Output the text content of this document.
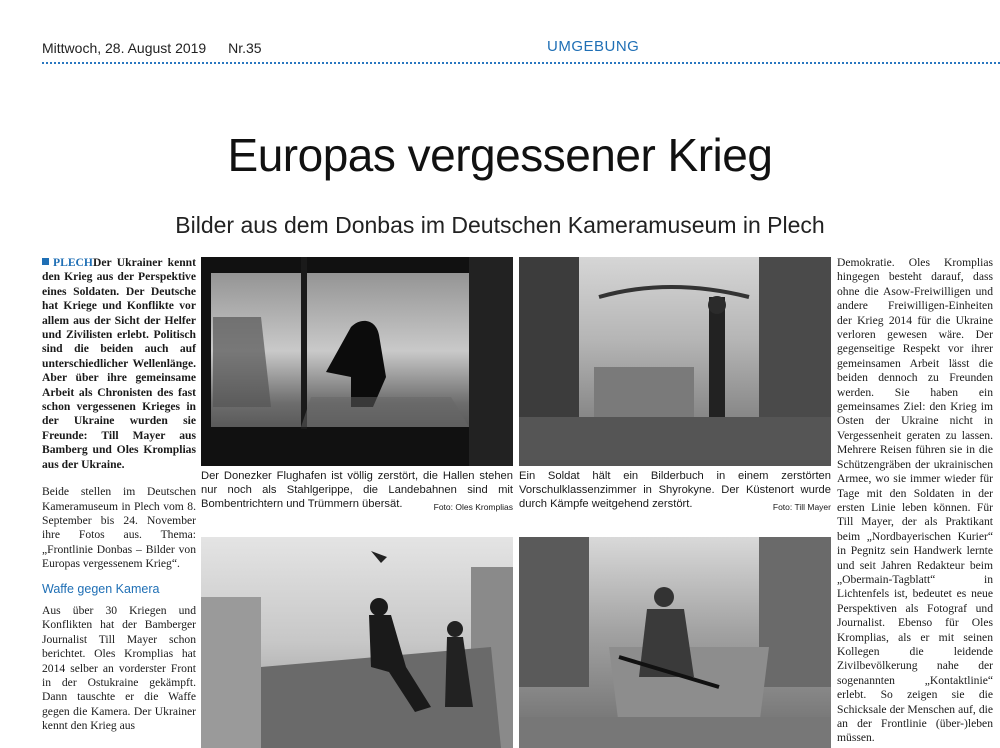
Mittwoch, 28. August 2019 Nr.35	UMGEBUNG
Europas vergessener Krieg
Bilder aus dem Donbas im Deutschen Kameramuseum in Plech

PLECHDer Ukrainer kennt den Krieg aus der Perspektive eines Soldaten. Der Deutsche hat Kriege und Konflikte vor allem aus der Sicht der Helfer und Zivilisten erlebt. Politisch sind die beiden auch auf unterschiedlicher Wellenlänge. Aber über ihre gemeinsame Arbeit als Chronisten des fast schon vergessenen Krieges in der Ukraine wurden sie Freunde: Till Mayer aus Bamberg und Oles Kromplias aus der Ukraine.

Beide stellen im Deutschen Kameramuseum in Plech vom 8. September bis 24. November ihre Fotos aus. Thema: „Frontlinie Donbas – Bilder von Europas vergessenem Krieg“.

Waffe gegen Kamera

Aus über 30 Kriegen und Konflikten hat der Bamberger Journalist Till Mayer schon berichtet. Oles Kromplias hat 2014 selber an vorderster Front in der Ostukraine gekämpft. Dann tauschte er die Waffe gegen die Kamera. Der Ukrainer kennt den Krieg aus

Der Donezker Flughafen ist völlig zerstört, die Hallen stehen nur noch als Stahlgerippe, die Landebahnen sind mit Bombentrichtern und Trümmern übersät.	Foto: Oles Kromplias
Ein Soldat hält ein Bilderbuch in einem zerstörten Vorschulklassenzimmer in Shyrokyne. Der Küstenort wurde durch Kämpfe weitgehend zerstört.	Foto: Till Mayer

Demokratie. Oles Kromplias hingegen besteht darauf, dass ohne die Asow-Freiwilligen und andere Freiwilligen-Einheiten der Krieg 2014 für die Ukraine verloren gewesen wäre. Der gegenseitige Respekt vor ihrer gemeinsamen Arbeit lässt die beiden dennoch zu Freunden werden. Sie haben ein gemeinsames Ziel: den Krieg im Osten der Ukraine nicht in Vergessenheit geraten zu lassen. Mehrere Reisen führen sie in die Schützengräben der ukrainischen Armee, wo sie immer wieder für Tage mit den Soldaten in der ersten Linie leben können. Für Till Mayer, der als Praktikant beim „Nordbayerischen Kurier“ in Pegnitz sein Handwerk lernte und seit Jahren Redakteur beim „Obermain-Tagblatt“ in Lichtenfels ist, bedeutet es neue Perspektiven als Fotograf und Journalist. Ebenso für Oles Kromplias, als er mit seinen Kollegen die leidende Zivilbevölkerung nahe der sogenannten „Kontaktlinie“ erlebt. So zeigen sie die Schicksale der Menschen auf, die an der Frontlinie (über-)leben müssen.
